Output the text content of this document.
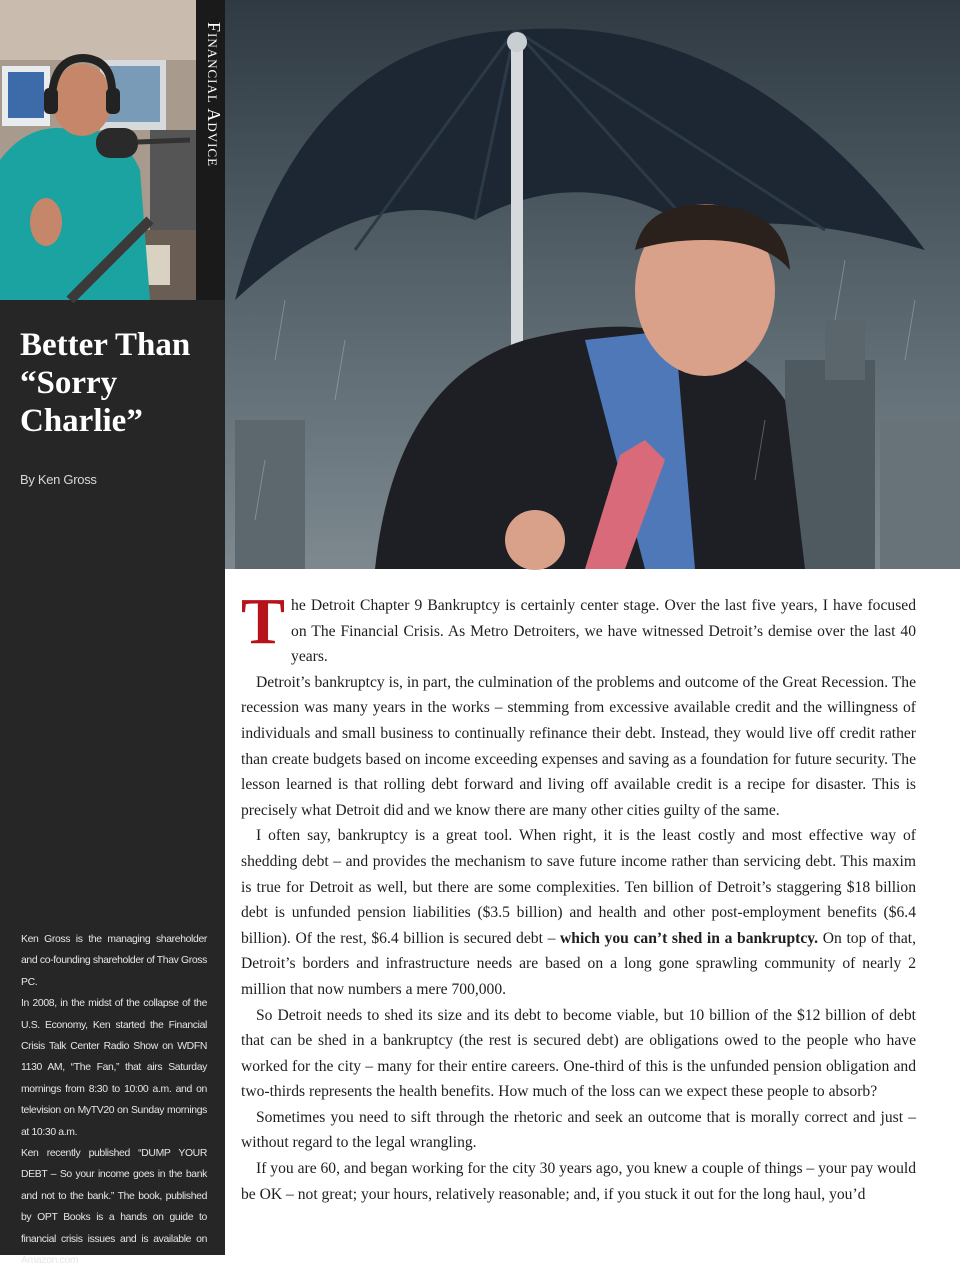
Financial Advice
Better Than “Sorry Charlie”
By Ken Gross

Ken Gross is the managing shareholder and co-founding shareholder of Thav Gross PC.

In 2008, in the midst of the collapse of the U.S. Economy, Ken started the Financial Crisis Talk Center Radio Show on WDFN 1130 AM, “The Fan,” that airs Saturday mornings from 8:30 to 10:00 a.m. and on television on MyTV20 on Sunday mornings at 10:30 a.m.

Ken recently published “DUMP YOUR DEBT – So your income goes in the bank and not to the bank.” The book, published by OPT Books is a hands on guide to financial crisis issues and is available on Amazon.com

The Detroit Chapter 9 Bankruptcy is certainly center stage. Over the last five years, I have focused on The Financial Crisis. As Metro Detroiters, we have witnessed Detroit’s demise over the last 40 years.

Detroit’s bankruptcy is, in part, the culmination of the problems and outcome of the Great Recession. The recession was many years in the works – stemming from excessive available credit and the willingness of individuals and small business to continually refinance their debt. Instead, they would live off credit rather than create budgets based on income exceeding expenses and saving as a foundation for future security. The lesson learned is that rolling debt forward and living off available credit is a recipe for disaster. This is precisely what Detroit did and we know there are many other cities guilty of the same.

I often say, bankruptcy is a great tool. When right, it is the least costly and most effective way of shedding debt – and provides the mechanism to save future income rather than servicing debt. This maxim is true for Detroit as well, but there are some complexities. Ten billion of Detroit’s staggering $18 billion debt is unfunded pension liabilities ($3.5 billion) and health and other post-employment benefits ($6.4 billion). Of the rest, $6.4 billion is secured debt – which you can’t shed in a bankruptcy. On top of that, Detroit’s borders and infrastructure needs are based on a long gone sprawling community of nearly 2 million that now numbers a mere 700,000.

So Detroit needs to shed its size and its debt to become viable, but 10 billion of the $12 billion of debt that can be shed in a bankruptcy (the rest is secured debt) are obligations owed to the people who have worked for the city – many for their entire careers. One-third of this is the unfunded pension obligation and two-thirds represents the health benefits. How much of the loss can we expect these people to absorb?

Sometimes you need to sift through the rhetoric and seek an outcome that is morally correct and just – without regard to the legal wrangling.

If you are 60, and began working for the city 30 years ago, you knew a couple of things – your pay would be OK – not great; your hours, relatively reasonable; and, if you stuck it out for the long haul, you’d
